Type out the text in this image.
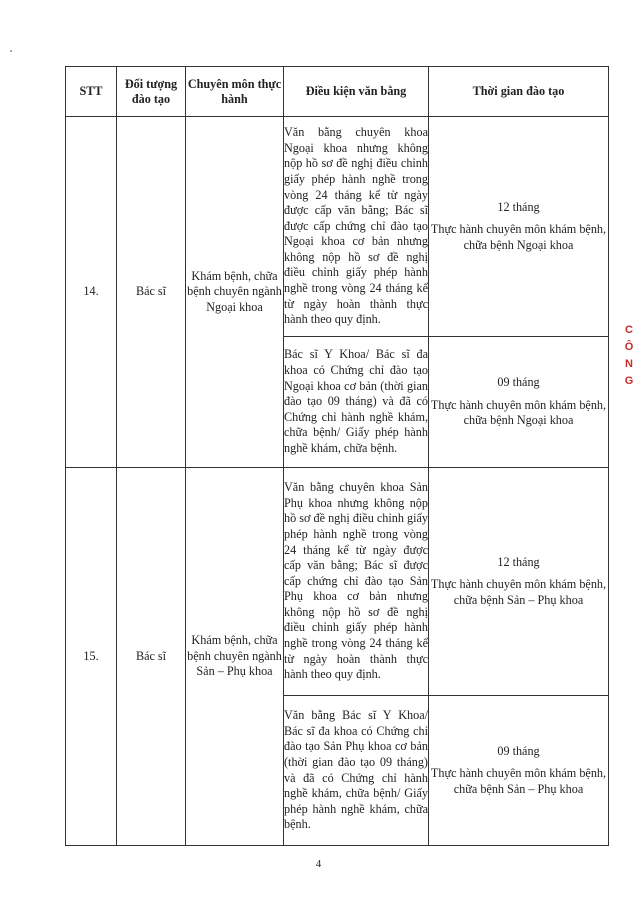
STT	Đối tượng đào tạo	Chuyên môn thực hành	Điều kiện văn bằng	Thời gian đào tạo
14.	Bác sĩ	Khám bệnh, chữa bệnh chuyên ngành Ngoại khoa	Văn bằng chuyên khoa Ngoại khoa nhưng không nộp hồ sơ đề nghị điều chỉnh giấy phép hành nghề trong vòng 24 tháng kể từ ngày được cấp văn bằng; Bác sĩ được cấp chứng chỉ đào tạo Ngoại khoa cơ bản nhưng không nộp hồ sơ đề nghị điều chỉnh giấy phép hành nghề trong vòng 24 tháng kể từ ngày hoàn thành thực hành theo quy định.	12 tháng
Thực hành chuyên môn khám bệnh, chữa bệnh Ngoại khoa

			Bác sĩ Y Khoa/ Bác sĩ đa khoa có Chứng chỉ đào tạo Ngoại khoa cơ bản (thời gian đào tạo 09 tháng) và đã có Chứng chỉ hành nghề khám, chữa bệnh/ Giấy phép hành nghề khám, chữa bệnh.	09 tháng
Thực hành chuyên môn khám bệnh, chữa bệnh Ngoại khoa
15.	Bác sĩ	Khám bệnh, chữa bệnh chuyên ngành Sản – Phụ khoa	Văn bằng chuyên khoa Sản Phụ khoa nhưng không nộp hồ sơ đề nghị điều chỉnh giấy phép hành nghề trong vòng 24 tháng kể từ ngày được cấp văn bằng; Bác sĩ được cấp chứng chỉ đào tạo Sản Phụ khoa cơ bản nhưng không nộp hồ sơ đề nghị điều chỉnh giấy phép hành nghề trong vòng 24 tháng kể từ ngày hoàn thành thực hành theo quy định.	12 tháng
Thực hành chuyên môn khám bệnh, chữa bệnh Sản – Phụ khoa

			Văn bằng Bác sĩ Y Khoa/ Bác sĩ đa khoa có Chứng chỉ đào tạo Sản Phụ khoa cơ bản (thời gian đào tạo 09 tháng) và đã có Chứng chỉ hành nghề khám, chữa bệnh/ Giấy phép hành nghề khám, chữa bệnh.	09 tháng
Thực hành chuyên môn khám bệnh, chữa bệnh Sản – Phụ khoa
4
CÔNG
